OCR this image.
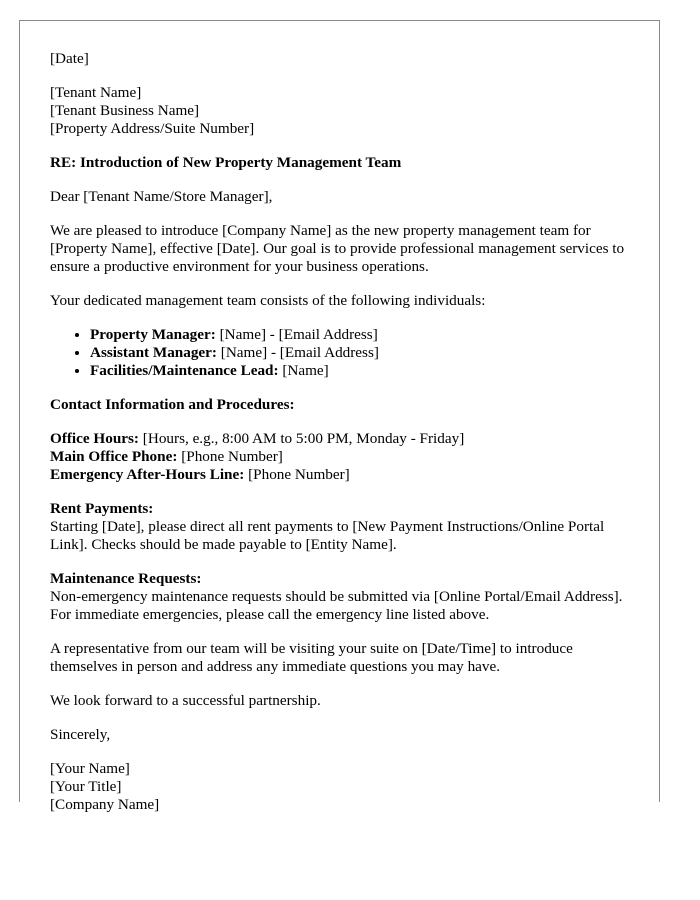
[Date]

[Tenant Name]
[Tenant Business Name]
[Property Address/Suite Number]

RE: Introduction of New Property Management Team

Dear [Tenant Name/Store Manager],

We are pleased to introduce [Company Name] as the new property management team for [Property Name], effective [Date]. Our goal is to provide professional management services to ensure a productive environment for your business operations.

Your dedicated management team consists of the following individuals:

• Property Manager: [Name] - [Email Address]
• Assistant Manager: [Name] - [Email Address]
• Facilities/Maintenance Lead: [Name]

Contact Information and Procedures:

Office Hours: [Hours, e.g., 8:00 AM to 5:00 PM, Monday - Friday]
Main Office Phone: [Phone Number]
Emergency After-Hours Line: [Phone Number]

Rent Payments:
Starting [Date], please direct all rent payments to [New Payment Instructions/Online Portal Link]. Checks should be made payable to [Entity Name].

Maintenance Requests:
Non-emergency maintenance requests should be submitted via [Online Portal/Email Address]. For immediate emergencies, please call the emergency line listed above.

A representative from our team will be visiting your suite on [Date/Time] to introduce themselves in person and address any immediate questions you may have.

We look forward to a successful partnership.

Sincerely,

[Your Name]
[Your Title]
[Company Name]
